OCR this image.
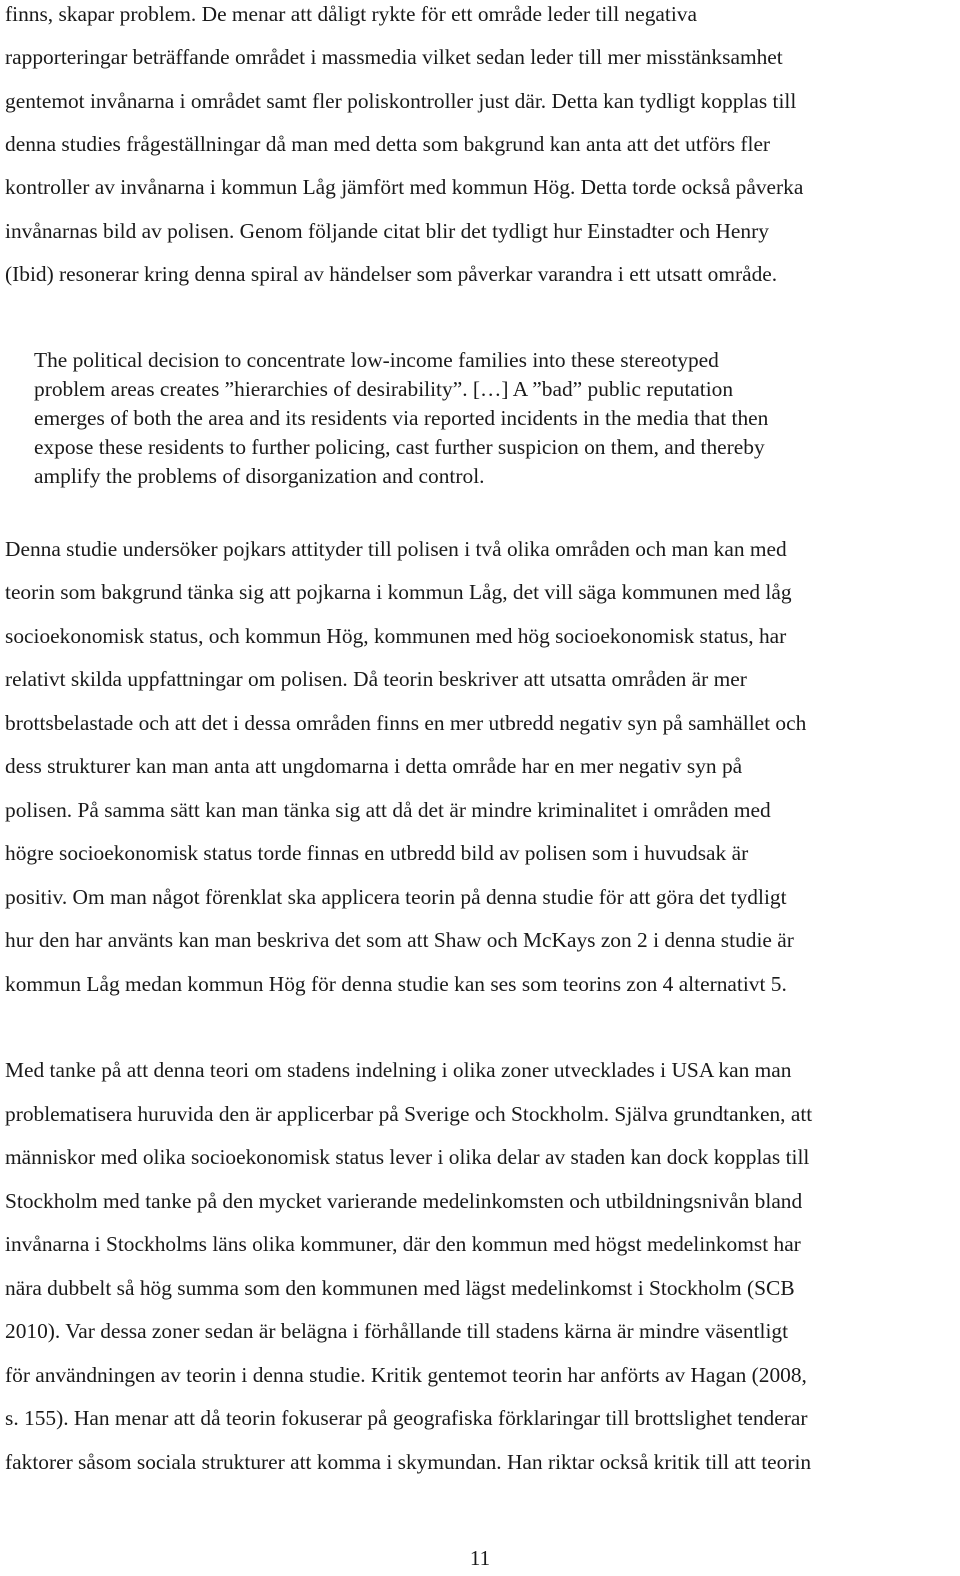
finns, skapar problem. De menar att dåligt rykte för ett område leder till negativa
rapporteringar beträffande området i massmedia vilket sedan leder till mer misstänksamhet
gentemot invånarna i området samt fler poliskontroller just där. Detta kan tydligt kopplas till
denna studies frågeställningar då man med detta som bakgrund kan anta att det utförs fler
kontroller av invånarna i kommun Låg jämfört med kommun Hög. Detta torde också påverka
invånarnas bild av polisen. Genom följande citat blir det tydligt hur Einstadter och Henry
(Ibid) resonerar kring denna spiral av händelser som påverkar varandra i ett utsatt område.
The political decision to concentrate low-income families into these stereotyped
problem areas creates ”hierarchies of desirability”. […] A ”bad” public reputation
emerges of both the area and its residents via reported incidents in the media that then
expose these residents to further policing, cast further suspicion on them, and thereby
amplify the problems of disorganization and control.
Denna studie undersöker pojkars attityder till polisen i två olika områden och man kan med
teorin som bakgrund tänka sig att pojkarna i kommun Låg, det vill säga kommunen med låg
socioekonomisk status, och kommun Hög, kommunen med hög socioekonomisk status, har
relativt skilda uppfattningar om polisen. Då teorin beskriver att utsatta områden är mer
brottsbelastade och att det i dessa områden finns en mer utbredd negativ syn på samhället och
dess strukturer kan man anta att ungdomarna i detta område har en mer negativ syn på
polisen. På samma sätt kan man tänka sig att då det är mindre kriminalitet i områden med
högre socioekonomisk status torde finnas en utbredd bild av polisen som i huvudsak är
positiv. Om man något förenklat ska applicera teorin på denna studie för att göra det tydligt
hur den har använts kan man beskriva det som att Shaw och McKays zon 2 i denna studie är
kommun Låg medan kommun Hög för denna studie kan ses som teorins zon 4 alternativt 5.
Med tanke på att denna teori om stadens indelning i olika zoner utvecklades i USA kan man
problematisera huruvida den är applicerbar på Sverige och Stockholm. Själva grundtanken, att
människor med olika socioekonomisk status lever i olika delar av staden kan dock kopplas till
Stockholm med tanke på den mycket varierande medelinkomsten och utbildningsnivån bland
invånarna i Stockholms läns olika kommuner, där den kommun med högst medelinkomst har
nära dubbelt så hög summa som den kommunen med lägst medelinkomst i Stockholm (SCB
2010). Var dessa zoner sedan är belägna i förhållande till stadens kärna är mindre väsentligt
för användningen av teorin i denna studie. Kritik gentemot teorin har anförts av Hagan (2008,
s. 155). Han menar att då teorin fokuserar på geografiska förklaringar till brottslighet tenderar
faktorer såsom sociala strukturer att komma i skymundan. Han riktar också kritik till att teorin
11
